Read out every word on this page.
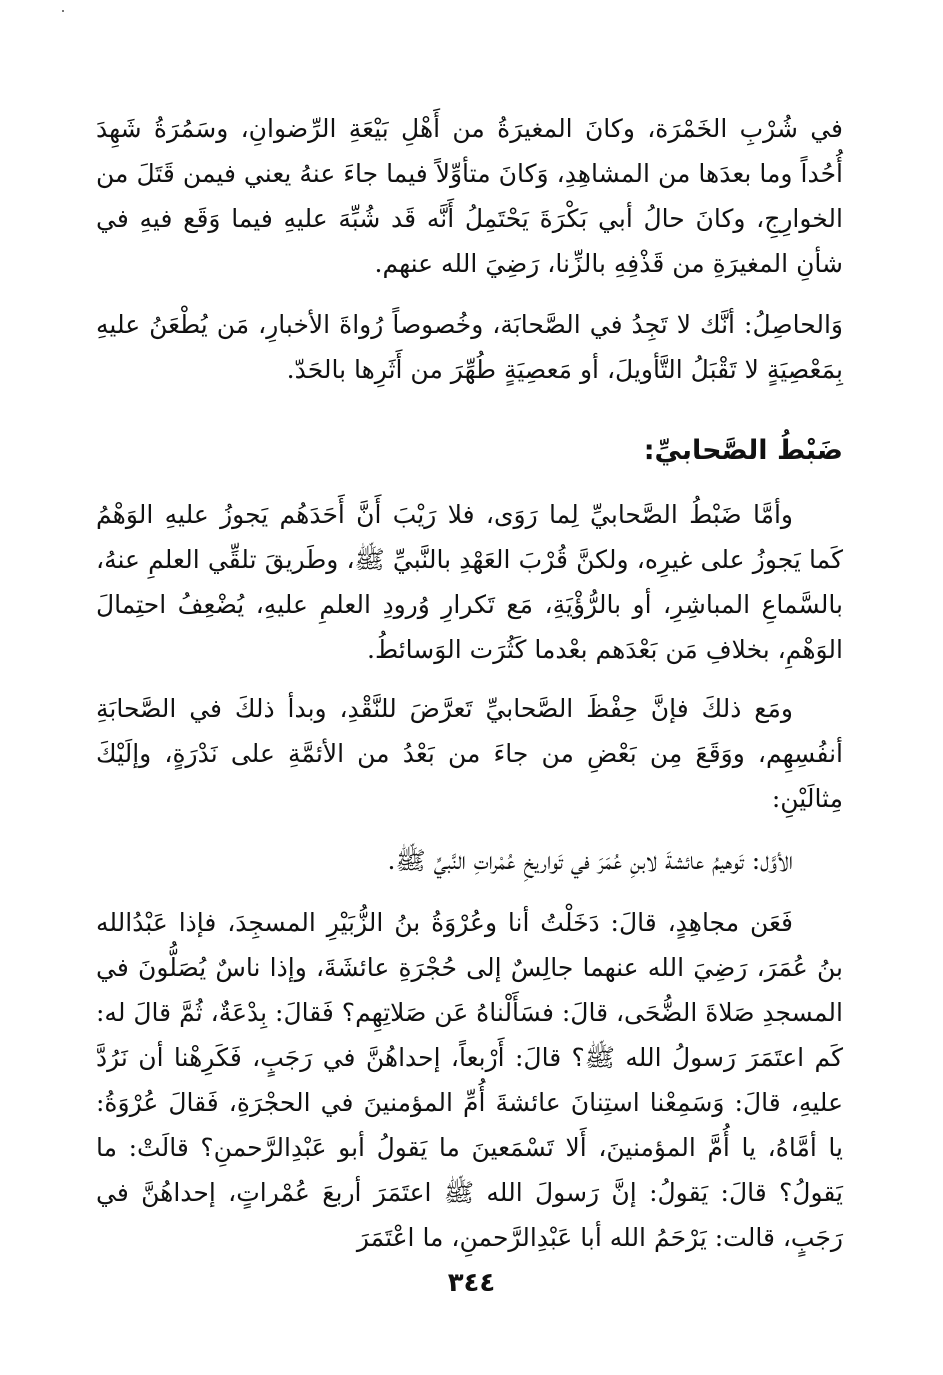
في شُرْبِ الخَمْرَة، وكانَ المغيرَةُ من أَهْلِ بَيْعَةِ الرِّضوانِ، وسَمُرَةُ شَهِدَ أُحُداً وما بعدَها من المشاهِدِ، وَكانَ متأوِّلاً فيما جاءَ عنهُ يعني فيمن قَتَلَ من الخوارِجِ، وكانَ حالُ أبي بَكْرَةَ يَحْتَمِلُ أَنَّه قَد شُبِّهَ عليهِ فيما وَقَع فيهِ في شأنِ المغيرَةِ من قَذْفِهِ بالزِّنا، رَضِيَ الله عنهم.

وَالحاصِلُ: أنَّك لا تَجِدُ في الصَّحابَة، وخُصوصاً رُواةَ الأخبارِ، مَن يُطْعَنُ عليهِ بِمَعْصِيَةٍ لا تَقْبَلُ التَّأويلَ، أو مَعصِيَةٍ طُهِّرَ من أَثَرِها بالحَدّ.

ضَبْطُ الصَّحابيِّ:

وأمَّا ضَبْطُ الصَّحابيِّ لِما رَوَى، فلا رَيْبَ أَنَّ أَحَدَهُم يَجوزُ عليهِ الوَهْمُ كَما يَجوزُ على غيرِه، ولكنَّ قُرْبَ العَهْدِ بالنَّبيِّ ﷺ، وطَريقَ تلقِّي العلمِ عنهُ، بالسَّماعِ المباشِرِ، أو بالرُّؤْيَةِ، مَع تَكرارِ وُرودِ العلمِ عليهِ، يُضْعِفُ احتِمالَ الوَهْمِ، بخلافِ مَن بَعْدَهم بعْدما كَثُرَت الوَسائطُ.

ومَع ذلكَ فإنَّ حِفْظَ الصَّحابيِّ تَعرَّضَ للنَّقْدِ، وبدأ ذلكَ في الصَّحابَةِ أنفُسِهِم، ووَقَعَ مِن بَعْضِ من جاءَ من بَعْدُ من الأئمَّةِ على نَدْرَةٍ، وإلَيْكَ مِثالَيْنِ:

الأوَّل: تَوهيمُ عائشةَ لابنِ عُمَرَ في تَواريخِ عُمْراتِ النَّبيِّ ﷺ.

فَعَن مجاهِدٍ، قالَ: دَخَلْتُ أنا وعُرْوَةُ بنُ الزُّبَيْرِ المسجِدَ، فإذا عَبْدُالله بنُ عُمَرَ، رَضِيَ الله عنهما جالِسٌ إلى حُجْرَةِ عائشَةَ، وإذا ناسٌ يُصَلُّونَ في المسجدِ صَلاةَ الضُّحَى، قالَ: فسَأَلْناهُ عَن صَلاتِهِم؟ فَقالَ: بِدْعَةٌ، ثُمَّ قالَ له: كَم اعتَمَرَ رَسولُ الله ﷺ؟ قالَ: أَرْبعاً، إحداهُنَّ في رَجَبٍ، فَكَرِهْنا أن نَرُدَّ عليهِ، قالَ: وَسَمِعْنا استِنانَ عائشةَ أُمِّ المؤمنينَ في الحجْرَةِ، فَقالَ عُرْوَةُ: يا أمَّاهُ، يا أُمَّ المؤمنينَ، أَلا تَسْمَعينَ ما يَقولُ أبو عَبْدِالرَّحمنِ؟ قالَتْ: ما يَقولُ؟ قالَ: يَقولُ: إنَّ رَسولَ الله ﷺ اعتَمَرَ أربعَ عُمْراتٍ، إحداهُنَّ في رَجَبٍ، قالت: يَرْحَمُ الله أبا عَبْدِالرَّحمنِ، ما اعْتَمَرَ

٣٤٤
